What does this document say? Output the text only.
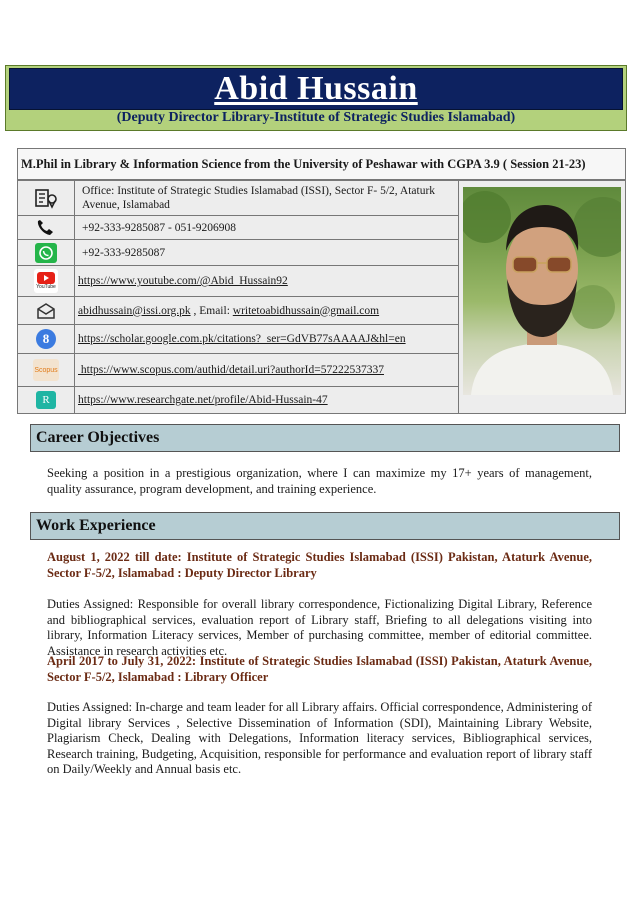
Abid Hussain
(Deputy Director Library-Institute of Strategic Studies Islamabad)
M.Phil in Library & Information Science from the University of Peshawar with CGPA 3.9 ( Session 21-23)
YouTube
8
Scopus
R
Office: Institute of Strategic Studies Islamabad (ISSI), Sector F- 5/2, Ataturk Avenue, Islamabad
+92-333-9285087 - 051-9206908
+92-333-9285087
https://www.youtube.com/@Abid_Hussain92
abidhussain@issi.org.pk , Email: writetoabidhussain@gmail.com
https://scholar.google.com.pk/citations?_ser=GdVB77sAAAAJ&hl=en
https://www.scopus.com/authid/detail.uri?authorId=57222537337
https://www.researchgate.net/profile/Abid-Hussain-47
Career Objectives
Seeking a position in a prestigious organization, where I can maximize my 17+ years of management, quality assurance, program development, and training experience.
Work Experience
August 1, 2022 till date: Institute of Strategic Studies Islamabad (ISSI) Pakistan, Ataturk Avenue, Sector F-5/2, Islamabad : Deputy Director Library
Duties Assigned: Responsible for overall library correspondence, Fictionalizing Digital Library, Reference and bibliographical services, evaluation report of Library staff, Briefing to all delegations visiting into library, Information Literacy services, Member of purchasing committee, member of editorial committee. Assistance in research activities etc.
April 2017 to July 31, 2022: Institute of Strategic Studies Islamabad (ISSI) Pakistan, Ataturk Avenue, Sector F-5/2, Islamabad : Library Officer
Duties Assigned: In-charge and team leader for all Library affairs. Official correspondence, Administering of Digital library Services , Selective Dissemination of Information (SDI), Maintaining Library Website, Plagiarism Check, Dealing with Delegations, Information literacy services, Bibliographical services, Research training, Budgeting, Acquisition, responsible for performance and evaluation report of library staff on Daily/Weekly and Annual basis etc.
